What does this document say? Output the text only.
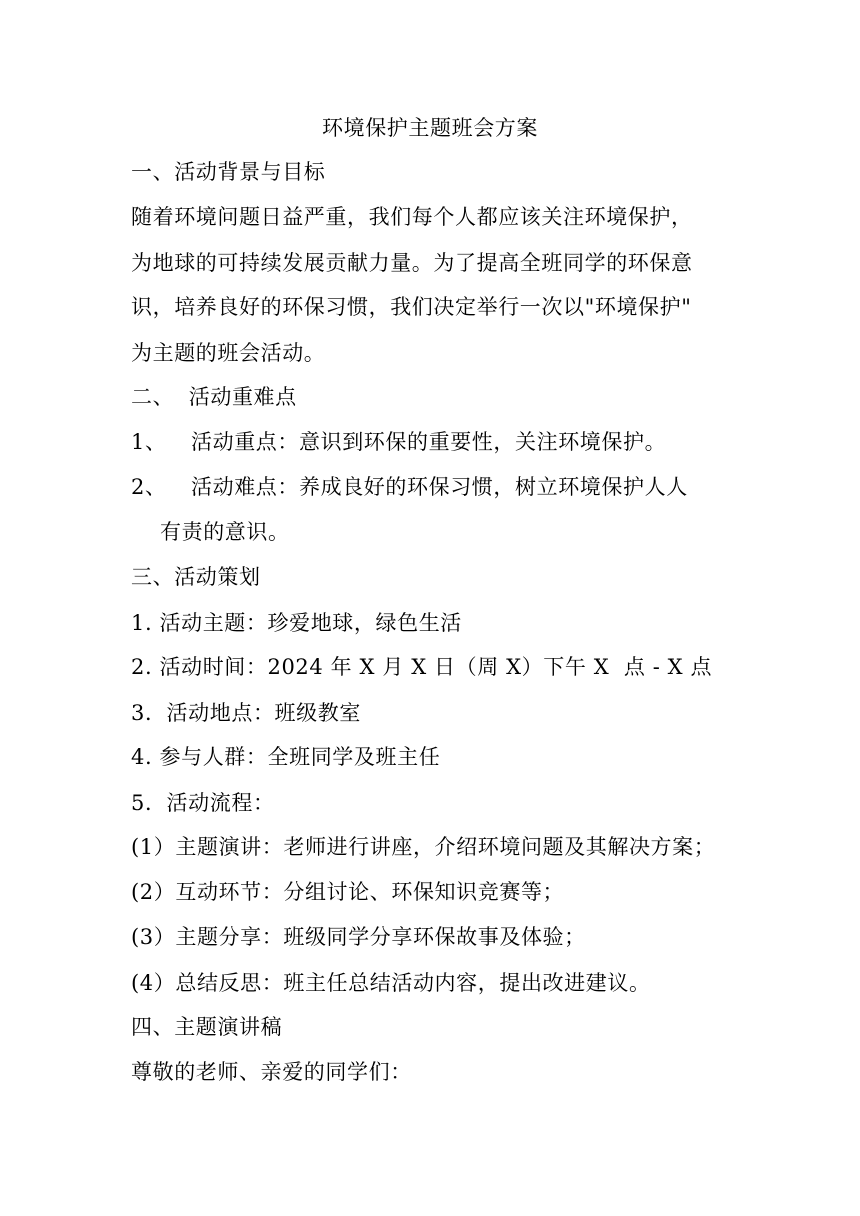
环境保护主题班会方案
一、活动背景与目标
随着环境问题日益严重，我们每个人都应该关注环境保护，
为地球的可持续发展贡献力量。为了提高全班同学的环保意
识，培养良好的环保习惯，我们决定举行一次以"环境保护"
为主题的班会活动。
二、  活动重难点
1、 活动重点：意识到环保的重要性，关注环境保护。
2、 活动难点：养成良好的环保习惯，树立环境保护人人
有责的意识。
三、活动策划
1. 活动主题：珍爱地球，绿色生活
2. 活动时间：2024 年 X 月 X 日（周 X）下午 X  点 - X 点
3．活动地点：班级教室
4. 参与人群：全班同学及班主任
5．活动流程：
(1）主题演讲：老师进行讲座，介绍环境问题及其解决方案；
(2）互动环节：分组讨论、环保知识竞赛等；
(3）主题分享：班级同学分享环保故事及体验；
(4）总结反思：班主任总结活动内容，提出改进建议。
四、主题演讲稿
尊敬的老师、亲爱的同学们：
